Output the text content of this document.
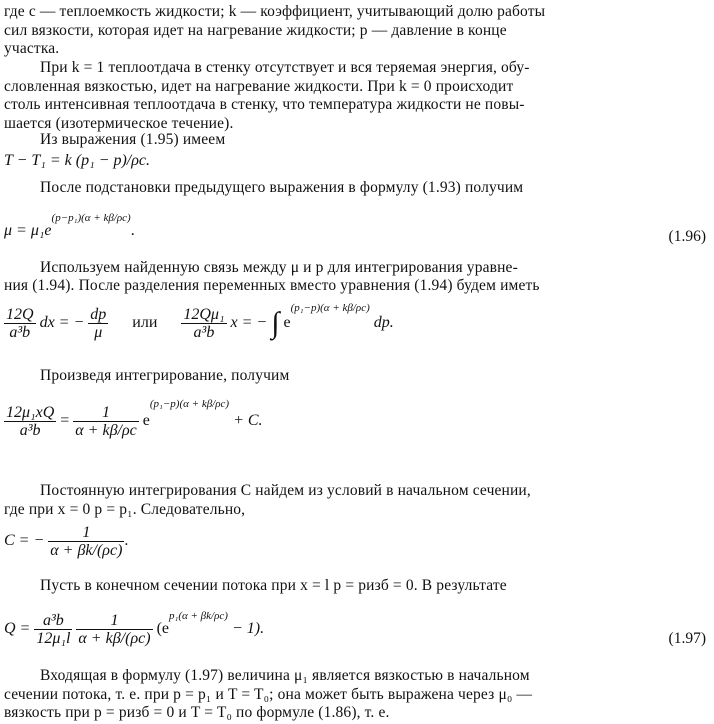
где c — теплоемкость жидкости; k — коэффициент, учитывающий долю работы
сил вязкости, которая идет на нагревание жидкости; p — давление в конце
участка.
При k = 1 теплоотдача в стенку отсутствует и вся теряемая энергия, обу-
словленная вязкостью, идет на нагревание жидкости. При k = 0 происходит
столь интенсивная теплоотдача в стенку, что температура жидкости не повы-
шается (изотермическое течение).
Из выражения (1.95) имеем
T − T₁ = k (p₁ − p)/ρc.
После подстановки предыдущего выражения в формулу (1.93) получим
$\mu = \mu_1e^{(p-p_1)(\alpha + k\beta/\rho c)}$.	(1.96)
Используем найденную связь между μ и p для интегрирования уравне-
ния (1.94). После разделения переменных вместо уравнения (1.94) будем иметь
$\frac{12Q}{\text{a³b}}$ dx = − $\frac{dp}{\mu}$ или $\frac{\text{12Qμ₁}}{\text{a³b}}$ x = − ∫ $e^{(p_1-p)(\alpha + k\beta/\rho c)}$ dp.
Произведя интегрирование, получим
$\frac{\text{12μ₁xQ}}{\text{a³b}} = \frac{1}{\alpha + k\beta/\rho c} e^{(p_1-p)(\alpha + k\beta/\rho c)} + C$.
Постоянную интегрирования C найдем из условий в начальном сечении,
где при x = 0 p = p₁. Следовательно,
C = − $\frac{1}{\alpha + \beta k/(\rho c)}$ .
Пусть в конечном сечении потока при x = l p = pизб = 0. В результате
$Q = \frac{\text{a³b}}{\text{12μ₁l}}$
$\frac{1}{\alpha + k\beta/(\rho c)} (e^{p_1(\alpha + \beta k/\rho c)} - 1)$.
(1.97)
Входящая в формулу (1.97) величина μ₁ является вязкостью в начальном
сечении потока, т. е. при p = p₁ и T = T₀; она может быть выражена через μ₀ —
вязкость при p = pизб = 0 и T = T₀ по формуле (1.86), т. е.
